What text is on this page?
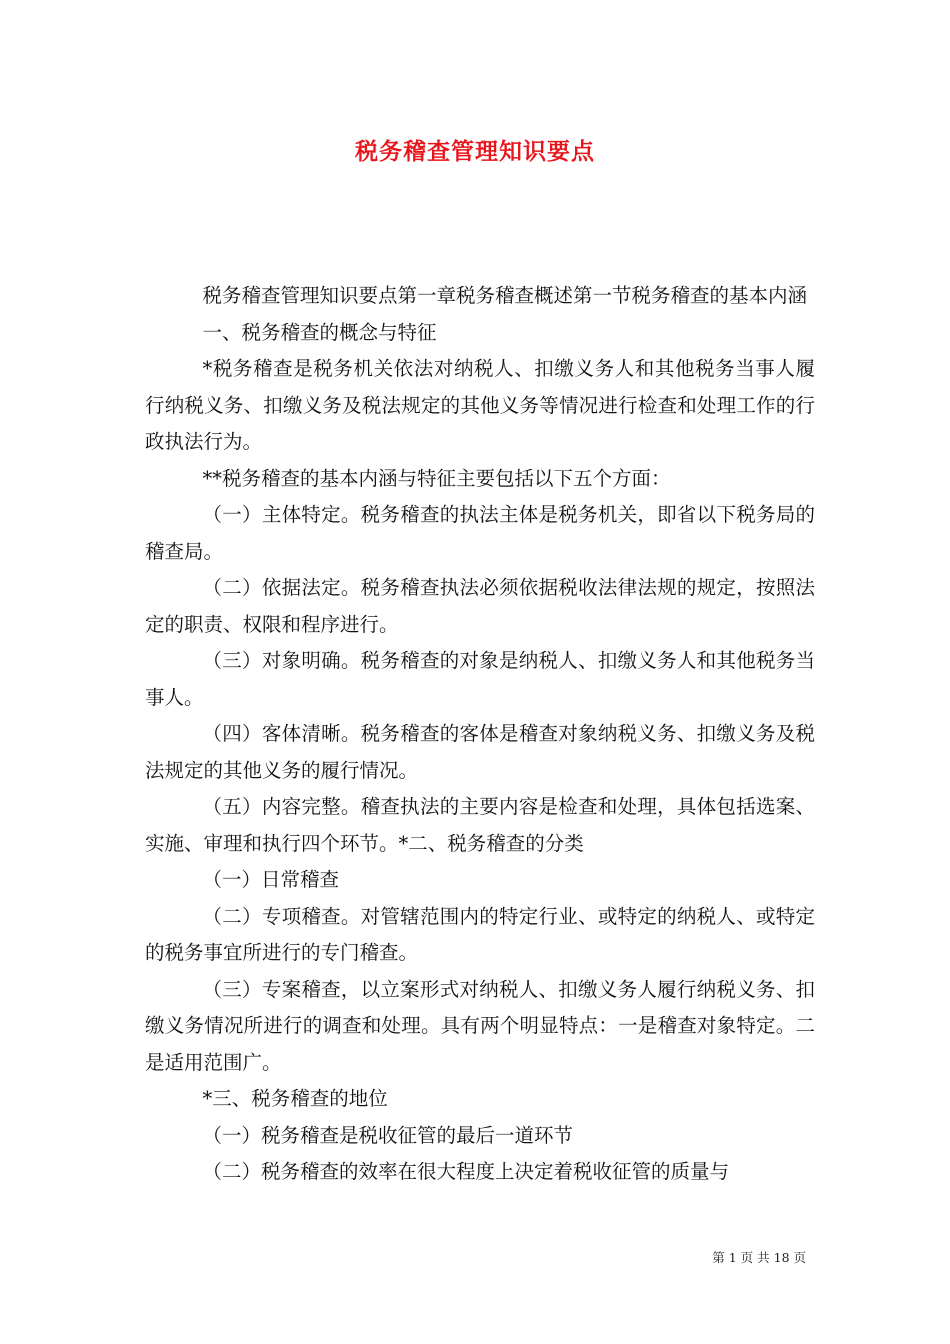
税务稽查管理知识要点

税务稽查管理知识要点第一章税务稽查概述第一节税务稽查的基本内涵

一、税务稽查的概念与特征

*税务稽查是税务机关依法对纳税人、扣缴义务人和其他税务当事人履行纳税义务、扣缴义务及税法规定的其他义务等情况进行检查和处理工作的行政执法行为。

**税务稽查的基本内涵与特征主要包括以下五个方面：

（一）主体特定。税务稽查的执法主体是税务机关，即省以下税务局的稽查局。

（二）依据法定。税务稽查执法必须依据税收法律法规的规定，按照法定的职责、权限和程序进行。

（三）对象明确。税务稽查的对象是纳税人、扣缴义务人和其他税务当事人。

（四）客体清晰。税务稽查的客体是稽查对象纳税义务、扣缴义务及税法规定的其他义务的履行情况。

（五）内容完整。稽查执法的主要内容是检查和处理，具体包括选案、实施、审理和执行四个环节。*二、税务稽查的分类

（一）日常稽查

（二）专项稽查。对管辖范围内的特定行业、或特定的纳税人、或特定的税务事宜所进行的专门稽查。

（三）专案稽查，以立案形式对纳税人、扣缴义务人履行纳税义务、扣缴义务情况所进行的调查和处理。具有两个明显特点：一是稽查对象特定。二是适用范围广。

*三、税务稽查的地位

（一）税务稽查是税收征管的最后一道环节

（二）税务稽查的效率在很大程度上决定着税收征管的质量与

第 1 页 共 18 页
